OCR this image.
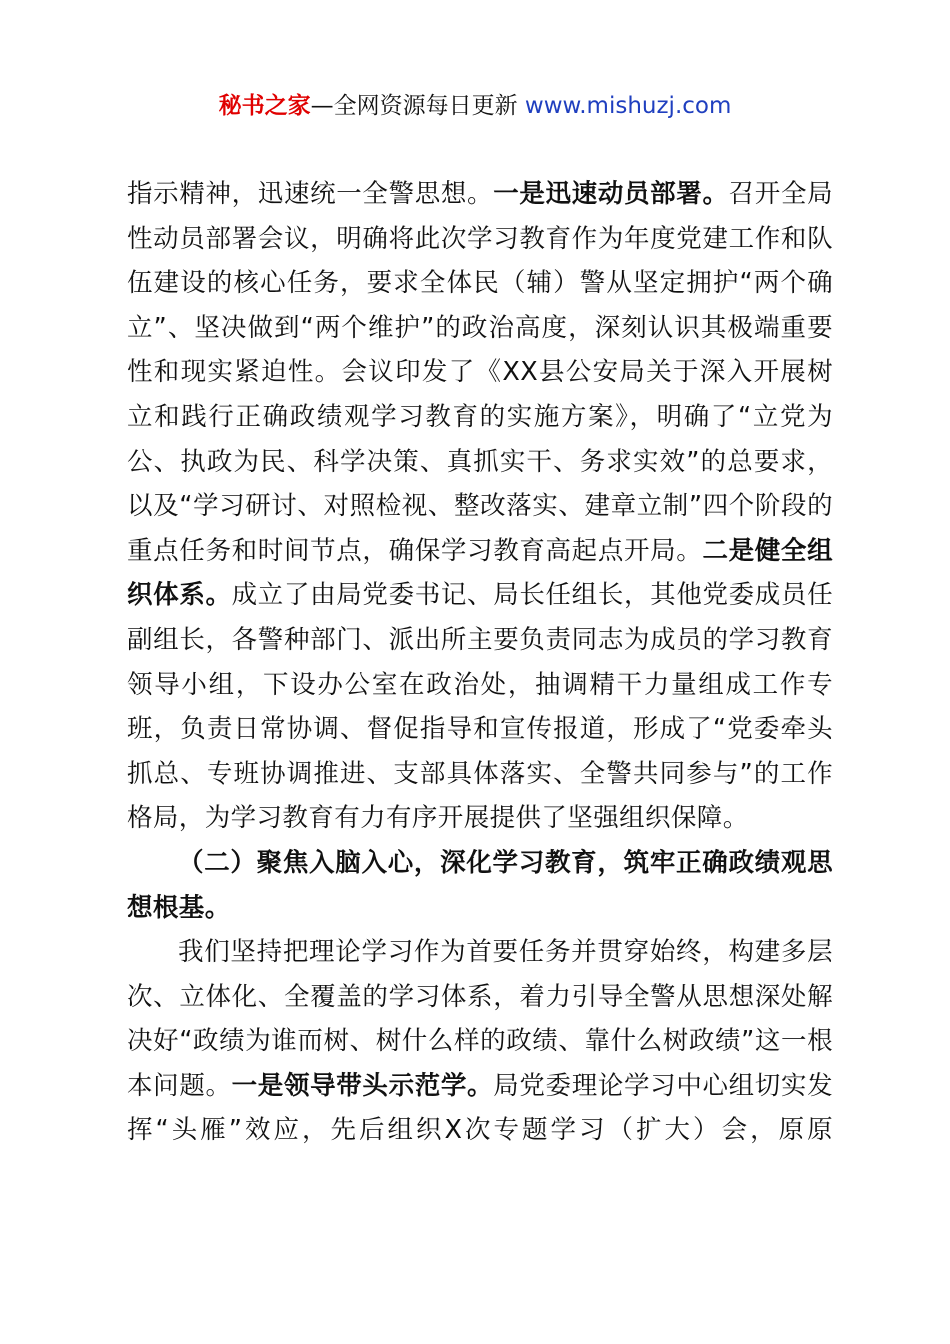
秘书之家—全网资源每日更新 www.mishuzj.com

指示精神，迅速统一全警思想。一是迅速动员部署。召开全局性动员部署会议，明确将此次学习教育作为年度党建工作和队伍建设的核心任务，要求全体民（辅）警从坚定拥护“两个确立”、坚决做到“两个维护”的政治高度，深刻认识其极端重要性和现实紧迫性。会议印发了《XX县公安局关于深入开展树立和践行正确政绩观学习教育的实施方案》，明确了“立党为公、执政为民、科学决策、真抓实干、务求实效”的总要求，以及“学习研讨、对照检视、整改落实、建章立制”四个阶段的重点任务和时间节点，确保学习教育高起点开局。二是健全组织体系。成立了由局党委书记、局长任组长，其他党委成员任副组长，各警种部门、派出所主要负责同志为成员的学习教育领导小组，下设办公室在政治处，抽调精干力量组成工作专班，负责日常协调、督促指导和宣传报道，形成了“党委牵头抓总、专班协调推进、支部具体落实、全警共同参与”的工作格局，为学习教育有力有序开展提供了坚强组织保障。

（二）聚焦入脑入心，深化学习教育，筑牢正确政绩观思想根基。

我们坚持把理论学习作为首要任务并贯穿始终，构建多层次、立体化、全覆盖的学习体系，着力引导全警从思想深处解决好“政绩为谁而树、树什么样的政绩、靠什么树政绩”这一根本问题。一是领导带头示范学。局党委理论学习中心组切实发挥“头雁”效应，先后组织X次专题学习（扩大）会，原原
